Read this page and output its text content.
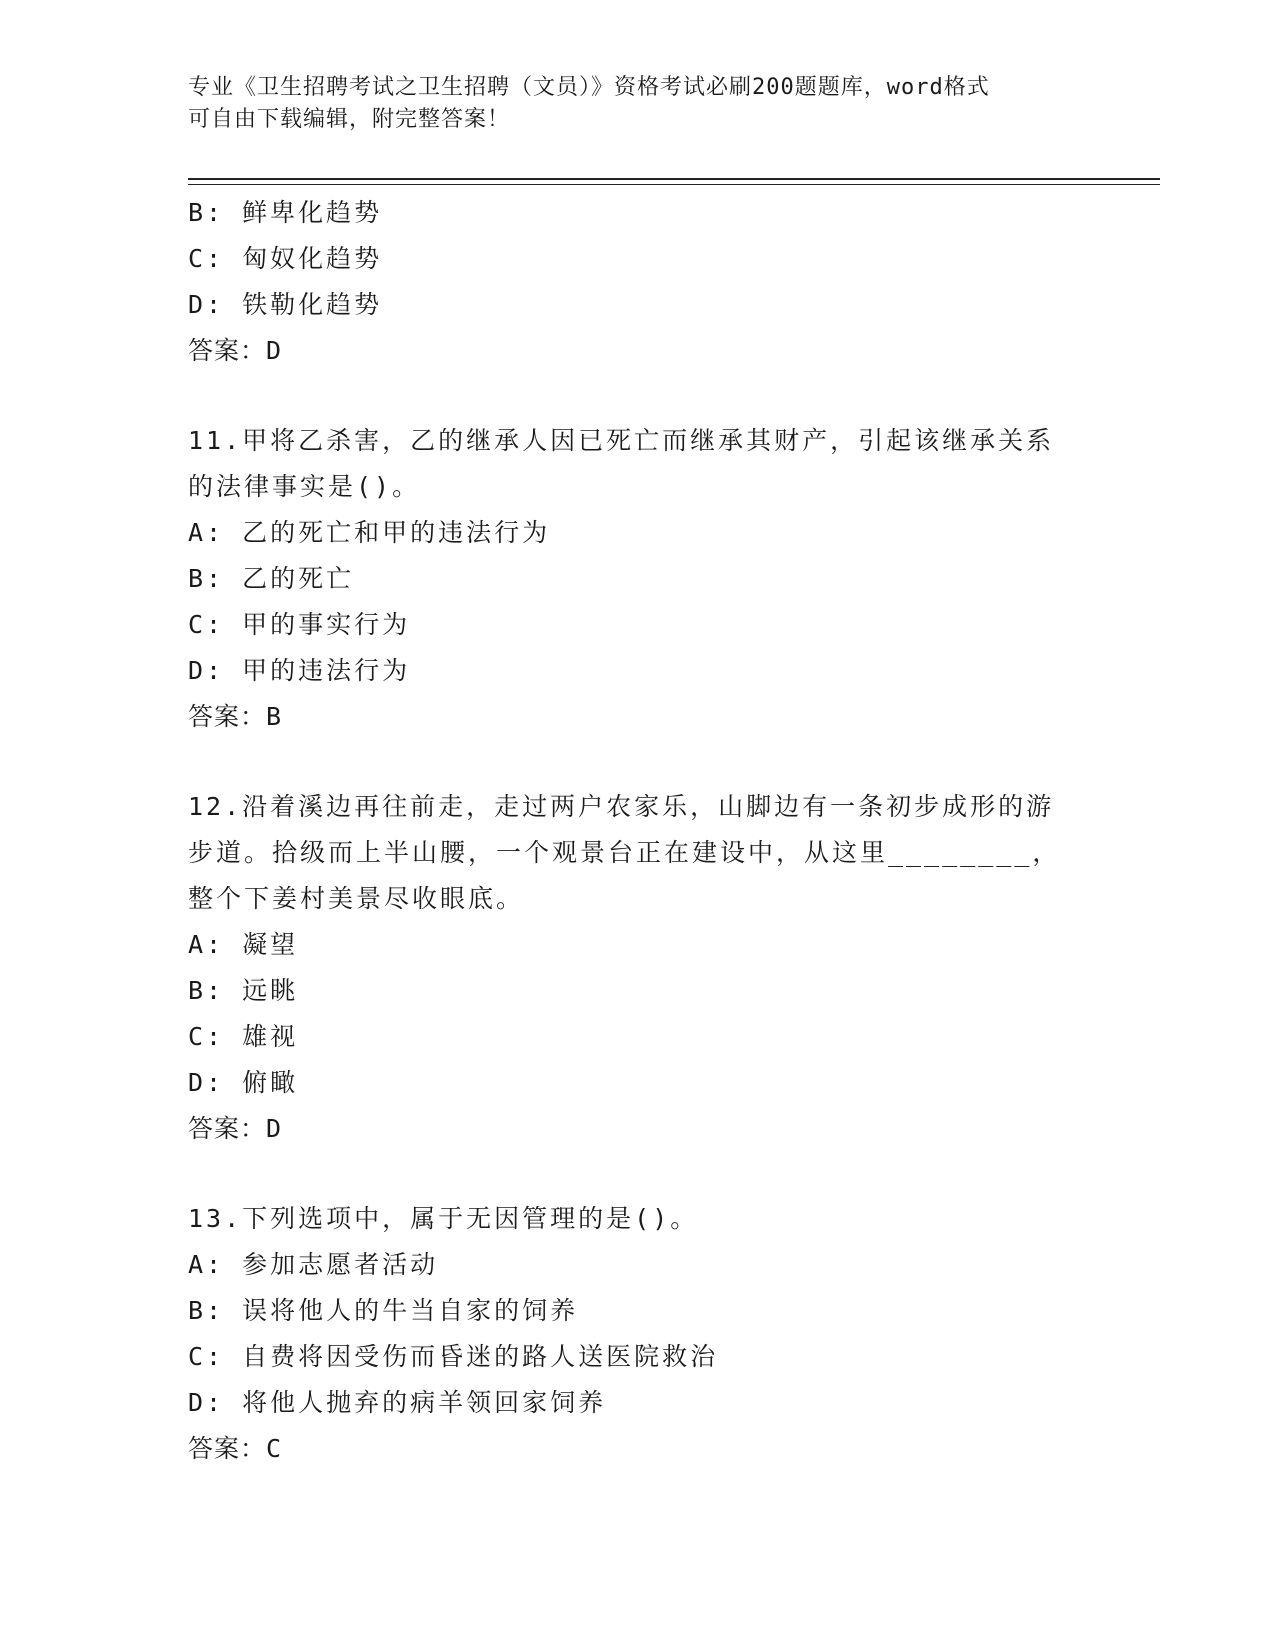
专业《卫生招聘考试之卫生招聘（文员）》资格考试必刷200题题库，word格式
可自由下载编辑，附完整答案！
B: 鲜卑化趋势
C: 匈奴化趋势
D: 铁勒化趋势
答案：D
11.甲将乙杀害，乙的继承人因已死亡而继承其财产，引起该继承关系
的法律事实是()。
A: 乙的死亡和甲的违法行为
B: 乙的死亡
C: 甲的事实行为
D: 甲的违法行为
答案：B
12.沿着溪边再往前走，走过两户农家乐，山脚边有一条初步成形的游
步道。拾级而上半山腰，一个观景台正在建设中，从这里________，
整个下姜村美景尽收眼底。
A: 凝望
B: 远眺
C: 雄视
D: 俯瞰
答案：D
13.下列选项中，属于无因管理的是()。
A: 参加志愿者活动
B: 误将他人的牛当自家的饲养
C: 自费将因受伤而昏迷的路人送医院救治
D: 将他人抛弃的病羊领回家饲养
答案：C
